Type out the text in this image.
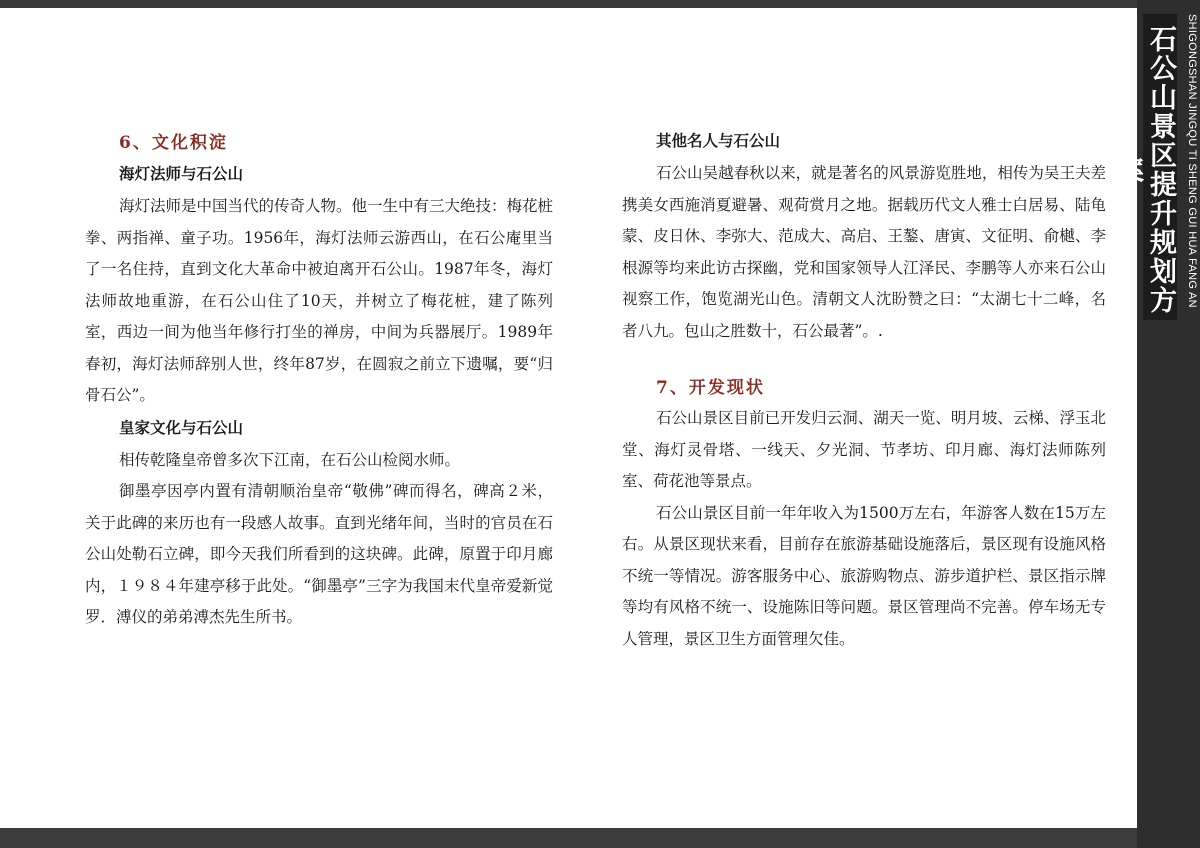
石公山景区提升规划方案	SHIGONGSHAN JINGQU TI SHENG GUI HUA FANG AN
6、文化积淀
海灯法师与石公山

海灯法师是中国当代的传奇人物。他一生中有三大绝技：梅花桩拳、两指禅、童子功。1956年，海灯法师云游西山，在石公庵里当了一名住持，直到文化大革命中被迫离开石公山。1987年冬，海灯法师故地重游，在石公山住了10天，并树立了梅花桩，建了陈列室，西边一间为他当年修行打坐的禅房，中间为兵器展厅。1989年春初，海灯法师辞别人世，终年87岁，在圆寂之前立下遗嘱，要“归骨石公”。

皇家文化与石公山

相传乾隆皇帝曾多次下江南，在石公山检阅水师。

御墨亭因亭内置有清朝顺治皇帝“敬佛”碑而得名，碑高２米，关于此碑的来历也有一段感人故事。直到光绪年间，当时的官员在石公山处勒石立碑，即今天我们所看到的这块碑。此碑，原置于印月廊内，１９８４年建亭移于此处。“御墨亭”三字为我国末代皇帝爱新觉罗．溥仪的弟弟溥杰先生所书。

其他名人与石公山

石公山吴越春秋以来，就是著名的风景游览胜地，相传为吴王夫差携美女西施消夏避暑、观荷赏月之地。据载历代文人雅士白居易、陆龟蒙、皮日休、李弥大、范成大、高启、王鏊、唐寅、文征明、俞樾、李根源等均来此访古探幽，党和国家领导人江泽民、李鹏等人亦来石公山视察工作，饱览湖光山色。清朝文人沈盼赞之曰：“太湖七十二峰，名者八九。包山之胜数十，石公最著”。.

7、开发现状

石公山景区目前已开发归云洞、湖天一览、明月坡、云梯、浮玉北堂、海灯灵骨塔、一线天、夕光洞、节孝坊、印月廊、海灯法师陈列室、荷花池等景点。

石公山景区目前一年年收入为1500万左右，年游客人数在15万左右。从景区现状来看，目前存在旅游基础设施落后，景区现有设施风格不统一等情况。游客服务中心、旅游购物点、游步道护栏、景区指示牌等均有风格不统一、设施陈旧等问题。景区管理尚不完善。停车场无专人管理，景区卫生方面管理欠佳。
